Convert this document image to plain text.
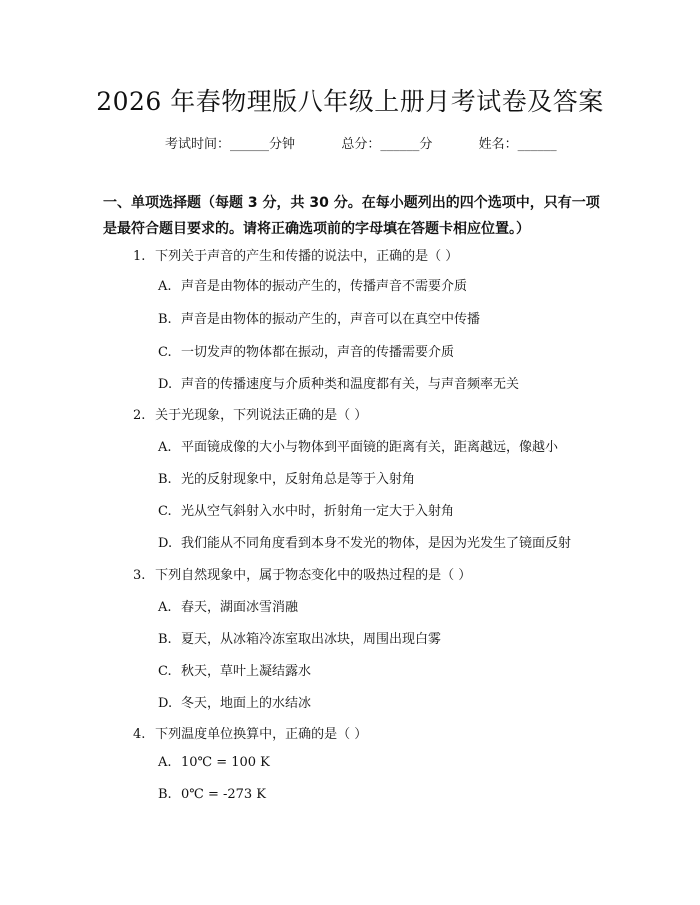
2026 年春物理版八年级上册月考试卷及答案
考试时间：______分钟	总分：______分	姓名：______
一、单项选择题（每题 3 分，共 30 分。在每小题列出的四个选项中，只有一项是最符合题目要求的。请将正确选项前的字母填在答题卡相应位置。）
1. 下列关于声音的产生和传播的说法中，正确的是（ ）
A. 声音是由物体的振动产生的，传播声音不需要介质
B. 声音是由物体的振动产生的，声音可以在真空中传播
C. 一切发声的物体都在振动，声音的传播需要介质
D. 声音的传播速度与介质种类和温度都有关，与声音频率无关
2. 关于光现象，下列说法正确的是（ ）
A. 平面镜成像的大小与物体到平面镜的距离有关，距离越远，像越小
B. 光的反射现象中，反射角总是等于入射角
C. 光从空气斜射入水中时，折射角一定大于入射角
D. 我们能从不同角度看到本身不发光的物体，是因为光发生了镜面反射
3. 下列自然现象中，属于物态变化中的吸热过程的是（ ）
A. 春天，湖面冰雪消融
B. 夏天，从冰箱冷冻室取出冰块，周围出现白雾
C. 秋天，草叶上凝结露水
D. 冬天，地面上的水结冰
4. 下列温度单位换算中，正确的是（ ）
A. 10℃ = 100 K
B. 0℃ = -273 K
